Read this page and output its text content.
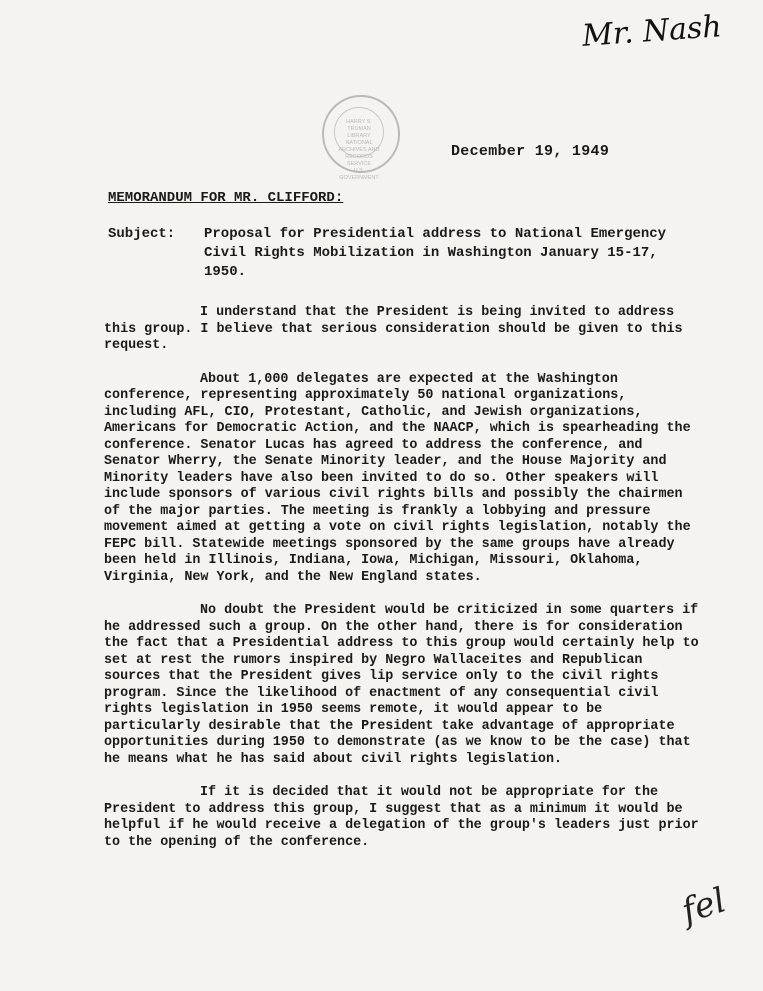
Mr. Nash
HARRY S. TRUMAN LIBRARY
NATIONAL ARCHIVES AND RECORDS SERVICE
U.S. GOVERNMENT
December 19, 1949
MEMORANDUM FOR MR. CLIFFORD:
Subject: Proposal for Presidential address to National Emergency Civil Rights Mobilization in Washington January 15-17, 1950.

I understand that the President is being invited to address this group. I believe that serious consideration should be given to this request.

About 1,000 delegates are expected at the Washington conference, representing approximately 50 national organizations, including AFL, CIO, Protestant, Catholic, and Jewish organizations, Americans for Democratic Action, and the NAACP, which is spearheading the conference. Senator Lucas has agreed to address the conference, and Senator Wherry, the Senate Minority leader, and the House Majority and Minority leaders have also been invited to do so. Other speakers will include sponsors of various civil rights bills and possibly the chairmen of the major parties. The meeting is frankly a lobbying and pressure movement aimed at getting a vote on civil rights legislation, notably the FEPC bill. Statewide meetings sponsored by the same groups have already been held in Illinois, Indiana, Iowa, Michigan, Missouri, Oklahoma, Virginia, New York, and the New England states.

No doubt the President would be criticized in some quarters if he addressed such a group. On the other hand, there is for consideration the fact that a Presidential address to this group would certainly help to set at rest the rumors inspired by Negro Wallaceites and Republican sources that the President gives lip service only to the civil rights program. Since the likelihood of enactment of any consequential civil rights legislation in 1950 seems remote, it would appear to be particularly desirable that the President take advantage of appropriate opportunities during 1950 to demonstrate (as we know to be the case) that he means what he has said about civil rights legislation.

If it is decided that it would not be appropriate for the President to address this group, I suggest that as a minimum it would be helpful if he would receive a delegation of the group's leaders just prior to the opening of the conference.

fel
